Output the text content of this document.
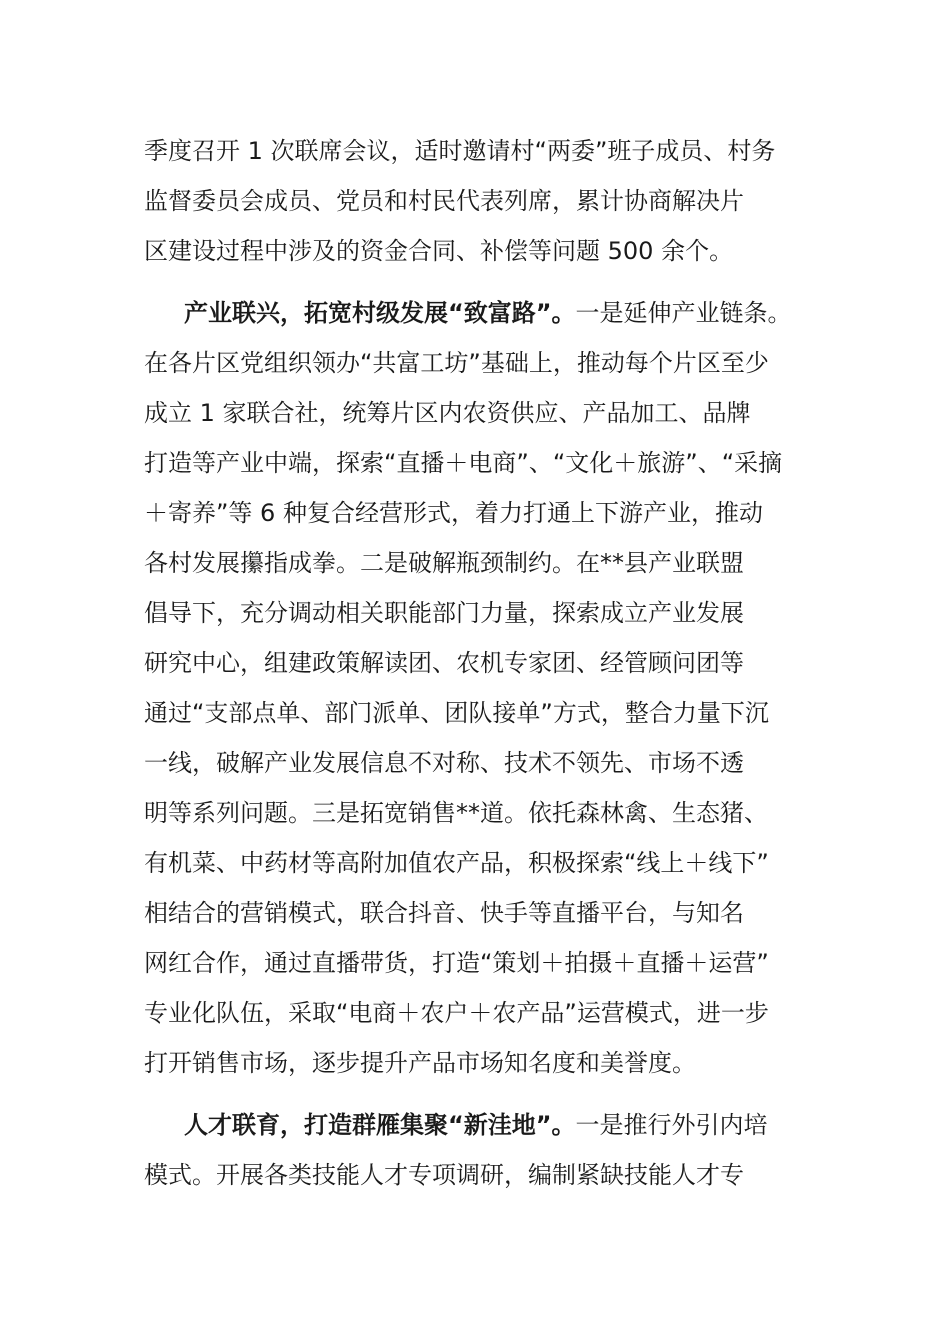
季度召开 1 次联席会议，适时邀请村“两委”班子成员、村务
监督委员会成员、党员和村民代表列席，累计协商解决片
区建设过程中涉及的资金合同、补偿等问题 500 余个。
产业联兴，拓宽村级发展“致富路”。一是延伸产业链条。
在各片区党组织领办“共富工坊”基础上，推动每个片区至少
成立 1 家联合社，统筹片区内农资供应、产品加工、品牌
打造等产业中端，探索“直播＋电商”、“文化＋旅游”、“采摘
＋寄养”等 6 种复合经营形式，着力打通上下游产业，推动
各村发展攥指成拳。二是破解瓶颈制约。在**县产业联盟
倡导下，充分调动相关职能部门力量，探索成立产业发展
研究中心，组建政策解读团、农机专家团、经管顾问团等
通过“支部点单、部门派单、团队接单”方式，整合力量下沉
一线，破解产业发展信息不对称、技术不领先、市场不透
明等系列问题。三是拓宽销售**道。依托森林禽、生态猪、
有机菜、中药材等高附加值农产品，积极探索“线上＋线下”
相结合的营销模式，联合抖音、快手等直播平台，与知名
网红合作，通过直播带货，打造“策划＋拍摄＋直播＋运营”
专业化队伍，采取“电商＋农户＋农产品”运营模式，进一步
打开销售市场，逐步提升产品市场知名度和美誉度。
人才联育，打造群雁集聚“新洼地”。一是推行外引内培
模式。开展各类技能人才专项调研，编制紧缺技能人才专
